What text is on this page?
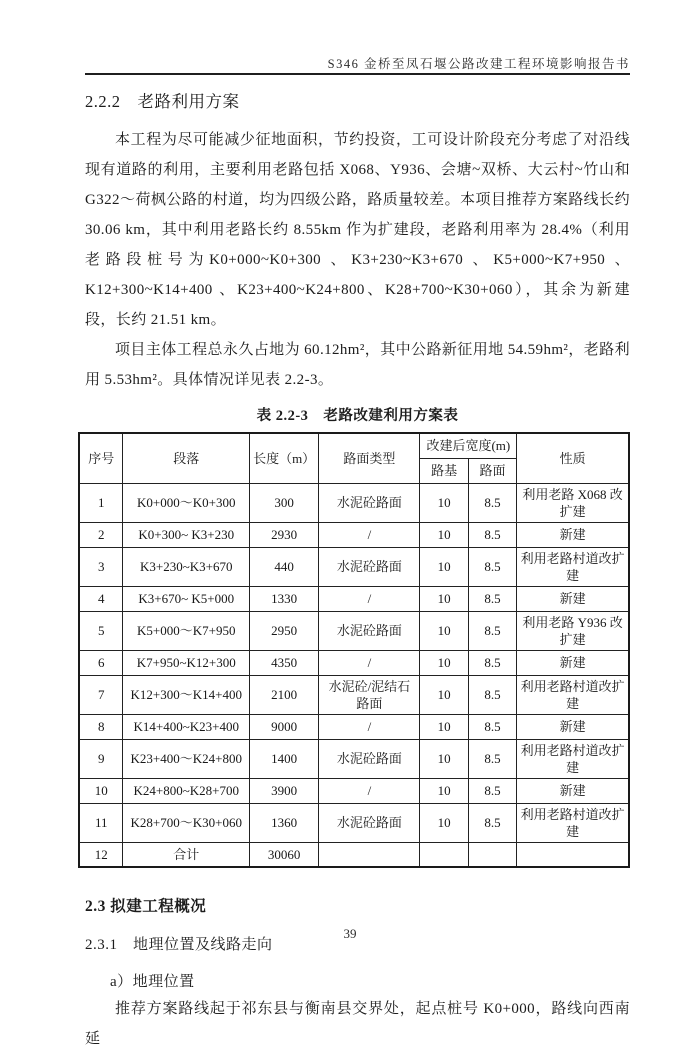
S346 金桥至凤石堰公路改建工程环境影响报告书
2.2.2　老路利用方案

本工程为尽可能减少征地面积，节约投资，工可设计阶段充分考虑了对沿线现有道路的利用，主要利用老路包括 X068、Y936、会塘~双桥、大云村~竹山和 G322～荷枫公路的村道，均为四级公路，路质量较差。本项目推荐方案路线长约 30.06 km，其中利用老路长约 8.55km 作为扩建段，老路利用率为 28.4%（利用老路段桩号为K0+000~K0+300 、K3+230~K3+670 、K5+000~K7+950 、K12+300~K14+400 、K23+400~K24+800、K28+700~K30+060），其余为新建段，长约 21.51 km。

项目主体工程总永久占地为 60.12hm²，其中公路新征用地 54.59hm²，老路利用 5.53hm²。具体情况详见表 2.2-3。

表 2.2-3　老路改建利用方案表
序号	段落	长度（m）	路面类型	改建后宽度(m)		性质
				路基	路面	
1	K0+000～K0+300	300	水泥砼路面	10	8.5	利用老路 X068 改扩建
2	K0+300~ K3+230	2930	/	10	8.5	新建
3	K3+230~K3+670	440	水泥砼路面	10	8.5	利用老路村道改扩建
4	K3+670~ K5+000	1330	/	10	8.5	新建
5	K5+000～K7+950	2950	水泥砼路面	10	8.5	利用老路 Y936 改扩建
6	K7+950~K12+300	4350	/	10	8.5	新建
7	K12+300～K14+400	2100	水泥砼/泥结石路面	10	8.5	利用老路村道改扩建
8	K14+400~K23+400	9000	/	10	8.5	新建
9	K23+400～K24+800	1400	水泥砼路面	10	8.5	利用老路村道改扩建
10	K24+800~K28+700	3900	/	10	8.5	新建
11	K28+700～K30+060	1360	水泥砼路面	10	8.5	利用老路村道改扩建
12	合计	30060				
2.3 拟建工程概况
2.3.1　地理位置及线路走向
a）地理位置

推荐方案路线起于祁东县与衡南县交界处，起点桩号 K0+000，路线向西南延

39
